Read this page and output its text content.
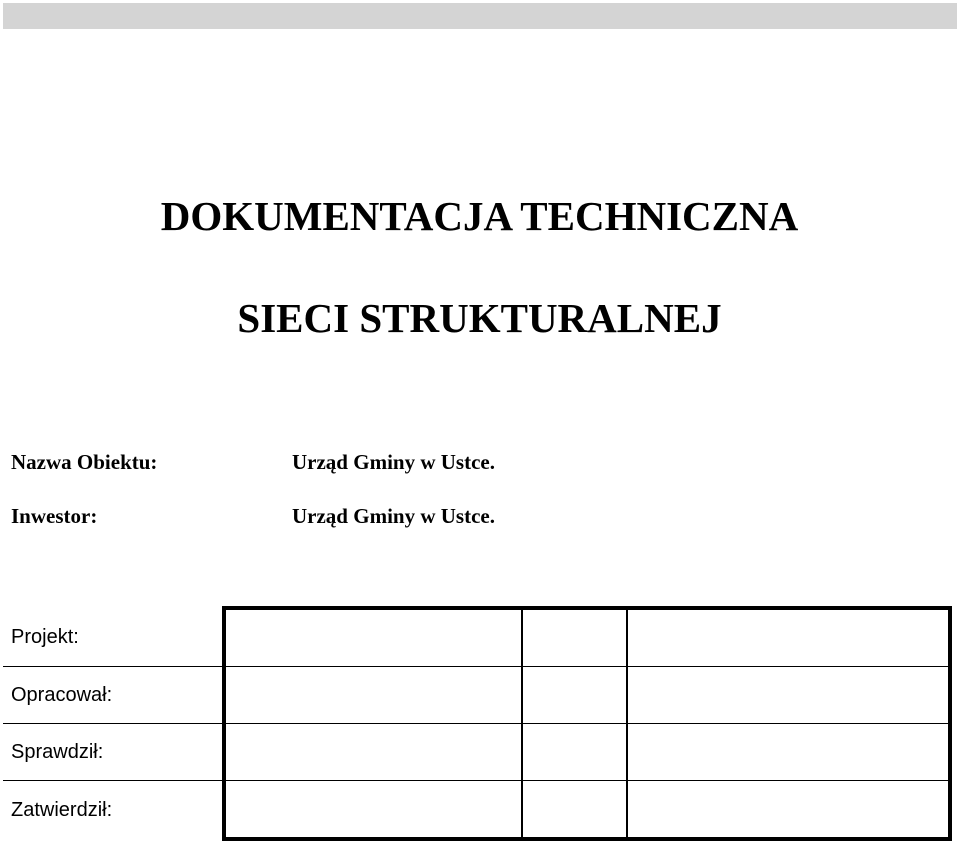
DOKUMENTACJA TECHNICZNA
SIECI STRUKTURALNEJ
Nazwa Obiektu:	Urząd Gminy w Ustce.
Inwestor:	Urząd Gminy w Ustce.
Projekt:			
Opracował:			
Sprawdził:			
Zatwierdził:			
